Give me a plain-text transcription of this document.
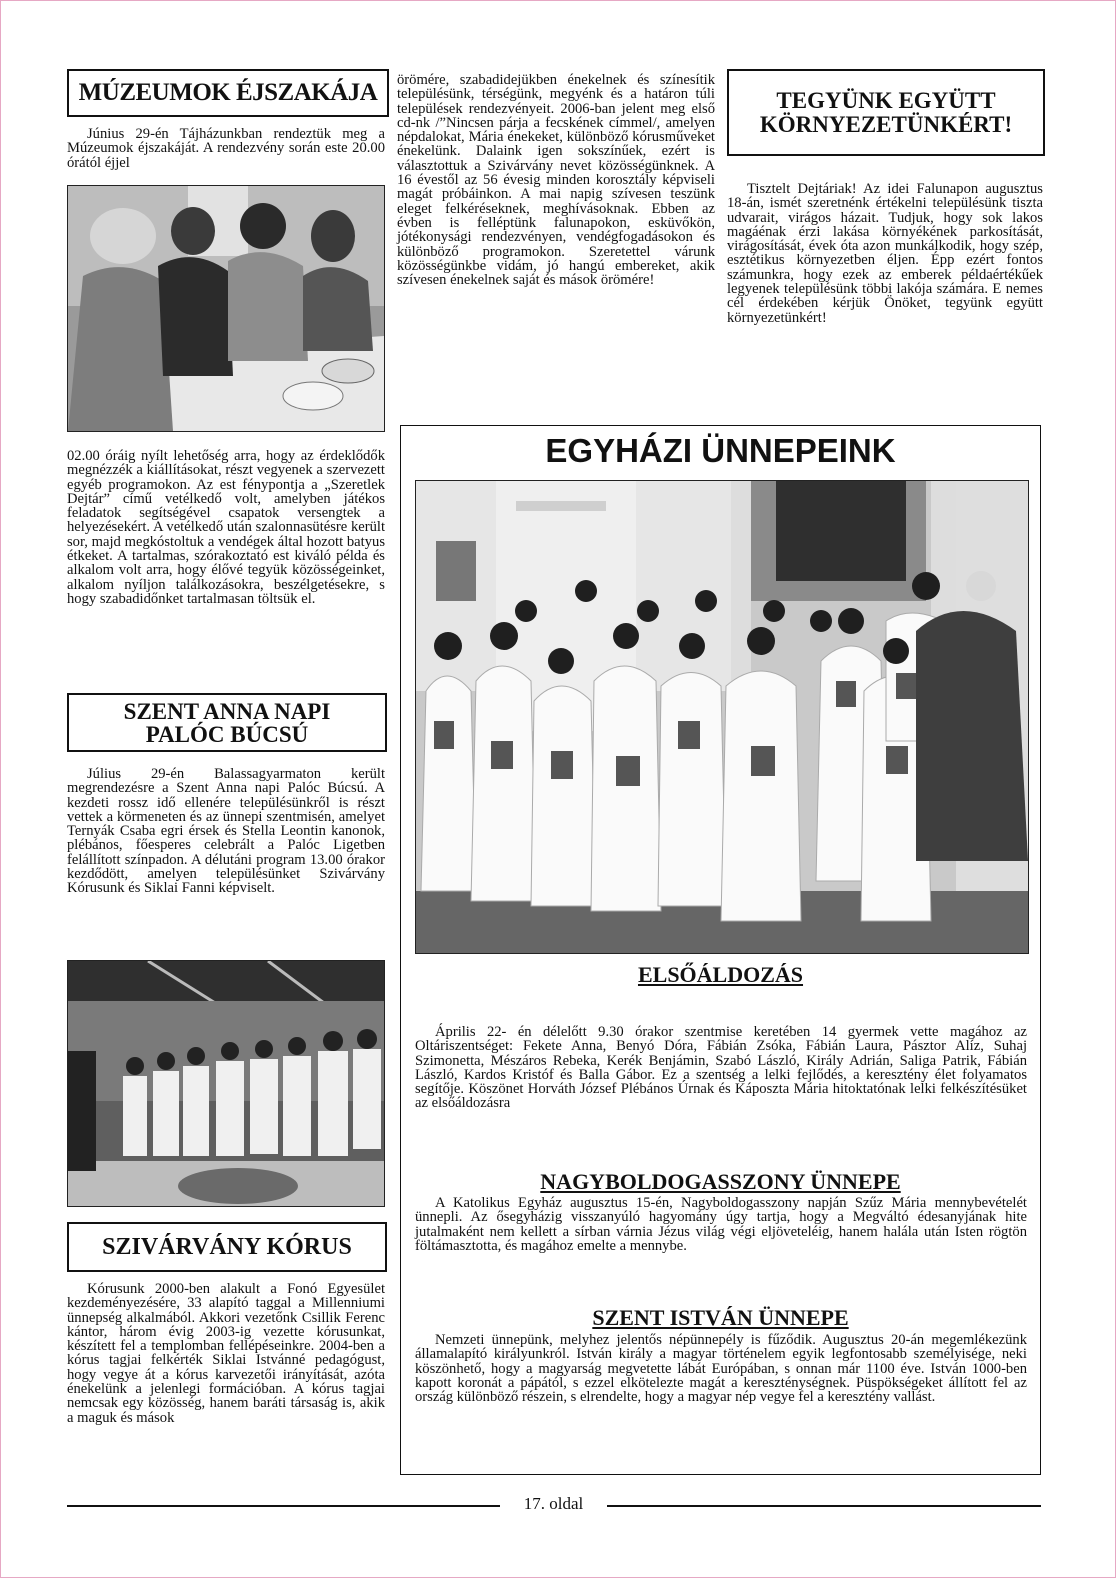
MÚZEUMOK ÉJSZAKÁJA

Június 29-én Tájházunkban rendeztük meg a Múzeumok éjszakáját. A rendezvény során este 20.00 órától éjjel

02.00 óráig nyílt lehetőség arra, hogy az érdeklődők megnézzék a kiállításokat, részt vegyenek a szervezett egyéb programokon. Az est fénypontja a „Szeretlek Dejtár” című vetélkedő volt, amelyben játékos feladatok segítségével csapatok versengtek a helyezésekért. A vetélkedő után szalonnasütésre került sor, majd megkóstoltuk a vendégek által hozott batyus étkeket. A tartalmas, szórakoztató est kiváló példa és alkalom volt arra, hogy élővé tegyük közösségeinket, alkalom nyíljon találkozásokra, beszélgetésekre, s hogy szabadidőnket tartalmasan töltsük el.

SZENT ANNA NAPI PALÓC BÚCSÚ

Július 29-én Balassagyarmaton került megrendezésre a Szent Anna napi Palóc Búcsú. A kezdeti rossz idő ellenére településünkről is részt vettek a körmeneten és az ünnepi szentmisén, amelyet Ternyák Csaba egri érsek és Stella Leontin kanonok, plébános, főesperes celebrált a Palóc Ligetben felállított színpadon. A délutáni program 13.00 órakor kezdődött, amelyen településünket Szivárvány Kórusunk és Siklai Fanni képviselt.

SZIVÁRVÁNY KÓRUS

Kórusunk 2000-ben alakult a Fonó Egyesület kezdeményezésére, 33 alapító taggal a Millenniumi ünnepség alkalmából. Akkori vezetőnk Csillik Ferenc kántor, három évig 2003-ig vezette kórusunkat, készített fel a templomban fellépéseinkre. 2004-ben a kórus tagjai felkérték Siklai Istvánné pedagógust, hogy vegye át a kórus karvezetői irányítását, azóta énekelünk a jelenlegi formációban. A kórus tagjai nemcsak egy közösség, hanem baráti társaság is, akik a maguk és mások

örömére, szabadidejükben énekelnek és színesítik településünk, térségünk, megyénk és a határon túli települések rendezvényeit. 2006-ban jelent meg első cd-nk /”Nincsen párja a fecskének címmel/, amelyen népdalokat, Mária énekeket, különböző kórusműveket énekelünk. Dalaink igen sokszínűek, ezért is választottuk a Szivárvány nevet közösségünknek. A 16 évestől az 56 évesig minden korosztály képviseli magát próbáinkon. A mai napig szívesen teszünk eleget felkéréseknek, meghívásoknak. Ebben az évben is felléptünk falunapokon, esküvőkön, jótékonysági rendezvényen, vendégfogadásokon és különböző programokon. Szeretettel várunk közösségünkbe vidám, jó hangú embereket, akik szívesen énekelnek saját és mások örömére!

TEGYÜNK EGYÜTT KÖRNYEZETÜNKÉRT!

Tisztelt Dejtáriak! Az idei Falunapon augusztus 18-án, ismét szeretnénk értékelni településünk tiszta udvarait, virágos házait. Tudjuk, hogy sok lakos magáénak érzi lakása környékének parkosítását, virágosítását, évek óta azon munkálkodik, hogy szép, esztétikus környezetben éljen. Épp ezért fontos számunkra, hogy ezek az emberek példaértékűek legyenek településünk többi lakója számára. E nemes cél érdekében kérjük Önöket, tegyünk együtt környezetünkért!

EGYHÁZI ÜNNEPEINK
ELSŐÁLDOZÁS

Április 22- én délelőtt 9.30 órakor szentmise keretében 14 gyermek vette magához az Oltáriszentséget: Fekete Anna, Benyó Dóra, Fábián Zsóka, Fábián Laura, Pásztor Alíz, Suhaj Szimonetta, Mészáros Rebeka, Kerék Benjámin, Szabó László, Király Adrián, Saliga Patrik, Fábián László, Kardos Kristóf és Balla Gábor. Ez a szentség a lelki fejlődés, a keresztény élet folyamatos segítője. Köszönet Horváth József Plébános Úrnak és Káposzta Mária hitoktatónak lelki felkészítésüket az elsőáldozásra

NAGYBOLDOGASSZONY ÜNNEPE

A Katolikus Egyház augusztus 15-én, Nagyboldogasszony napján Szűz Mária mennybevételét ünnepli. Az ősegyházig visszanyúló hagyomány úgy tartja, hogy a Megváltó édesanyjának hite jutalmaként nem kellett a sírban várnia Jézus világ végi eljöveteléig, hanem halála után Isten rögtön föltámasztotta, és magához emelte a mennybe.

SZENT ISTVÁN ÜNNEPE

Nemzeti ünnepünk, melyhez jelentős népünnepély is fűződik. Augusztus 20-án megemlékezünk államalapító királyunkról. István király a magyar történelem egyik legfontosabb személyisége, neki köszönhető, hogy a magyarság megvetette lábát Európában, s onnan már 1100 éve. István 1000-ben kapott koronát a pápától, s ezzel elkötelezte magát a kereszténységnek. Püspökségeket állított fel az ország különböző részein, s elrendelte, hogy a magyar nép vegye fel a keresztény vallást.

17. oldal
